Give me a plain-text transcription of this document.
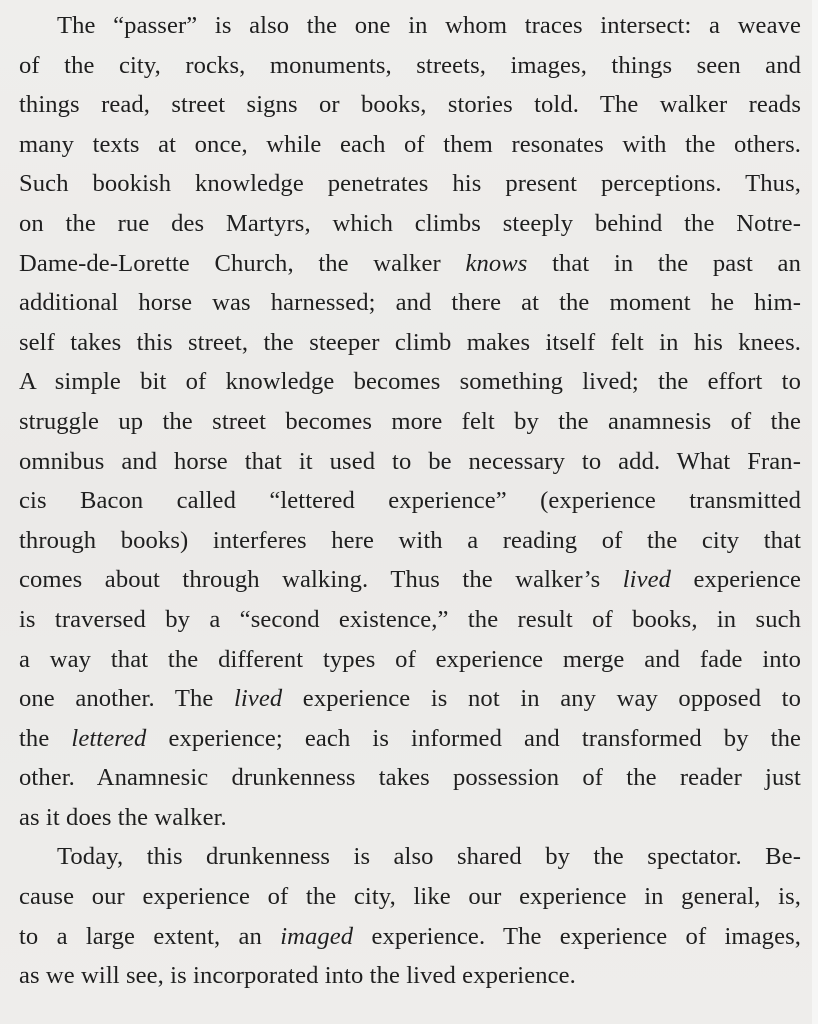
The “passer” is also the one in whom traces intersect: a weave
of the city, rocks, monuments, streets, images, things seen and
things read, street signs or books, stories told. The walker reads
many texts at once, while each of them resonates with the others.
Such bookish knowledge penetrates his present perceptions. Thus,
on the rue des Martyrs, which climbs steeply behind the Notre-
Dame-de-Lorette Church, the walker knows that in the past an
additional horse was harnessed; and there at the moment he him-
self takes this street, the steeper climb makes itself felt in his knees.
A simple bit of knowledge becomes something lived; the effort to
struggle up the street becomes more felt by the anamnesis of the
omnibus and horse that it used to be necessary to add. What Fran-
cis Bacon called “lettered experience” (experience transmitted
through books) interferes here with a reading of the city that
comes about through walking. Thus the walker’s lived experience
is traversed by a “second existence,” the result of books, in such
a way that the different types of experience merge and fade into
one another. The lived experience is not in any way opposed to
the lettered experience; each is informed and transformed by the
other. Anamnesic drunkenness takes possession of the reader just
as it does the walker.
Today, this drunkenness is also shared by the spectator. Be-
cause our experience of the city, like our experience in general, is,
to a large extent, an imaged experience. The experience of images,
as we will see, is incorporated into the lived experience.
